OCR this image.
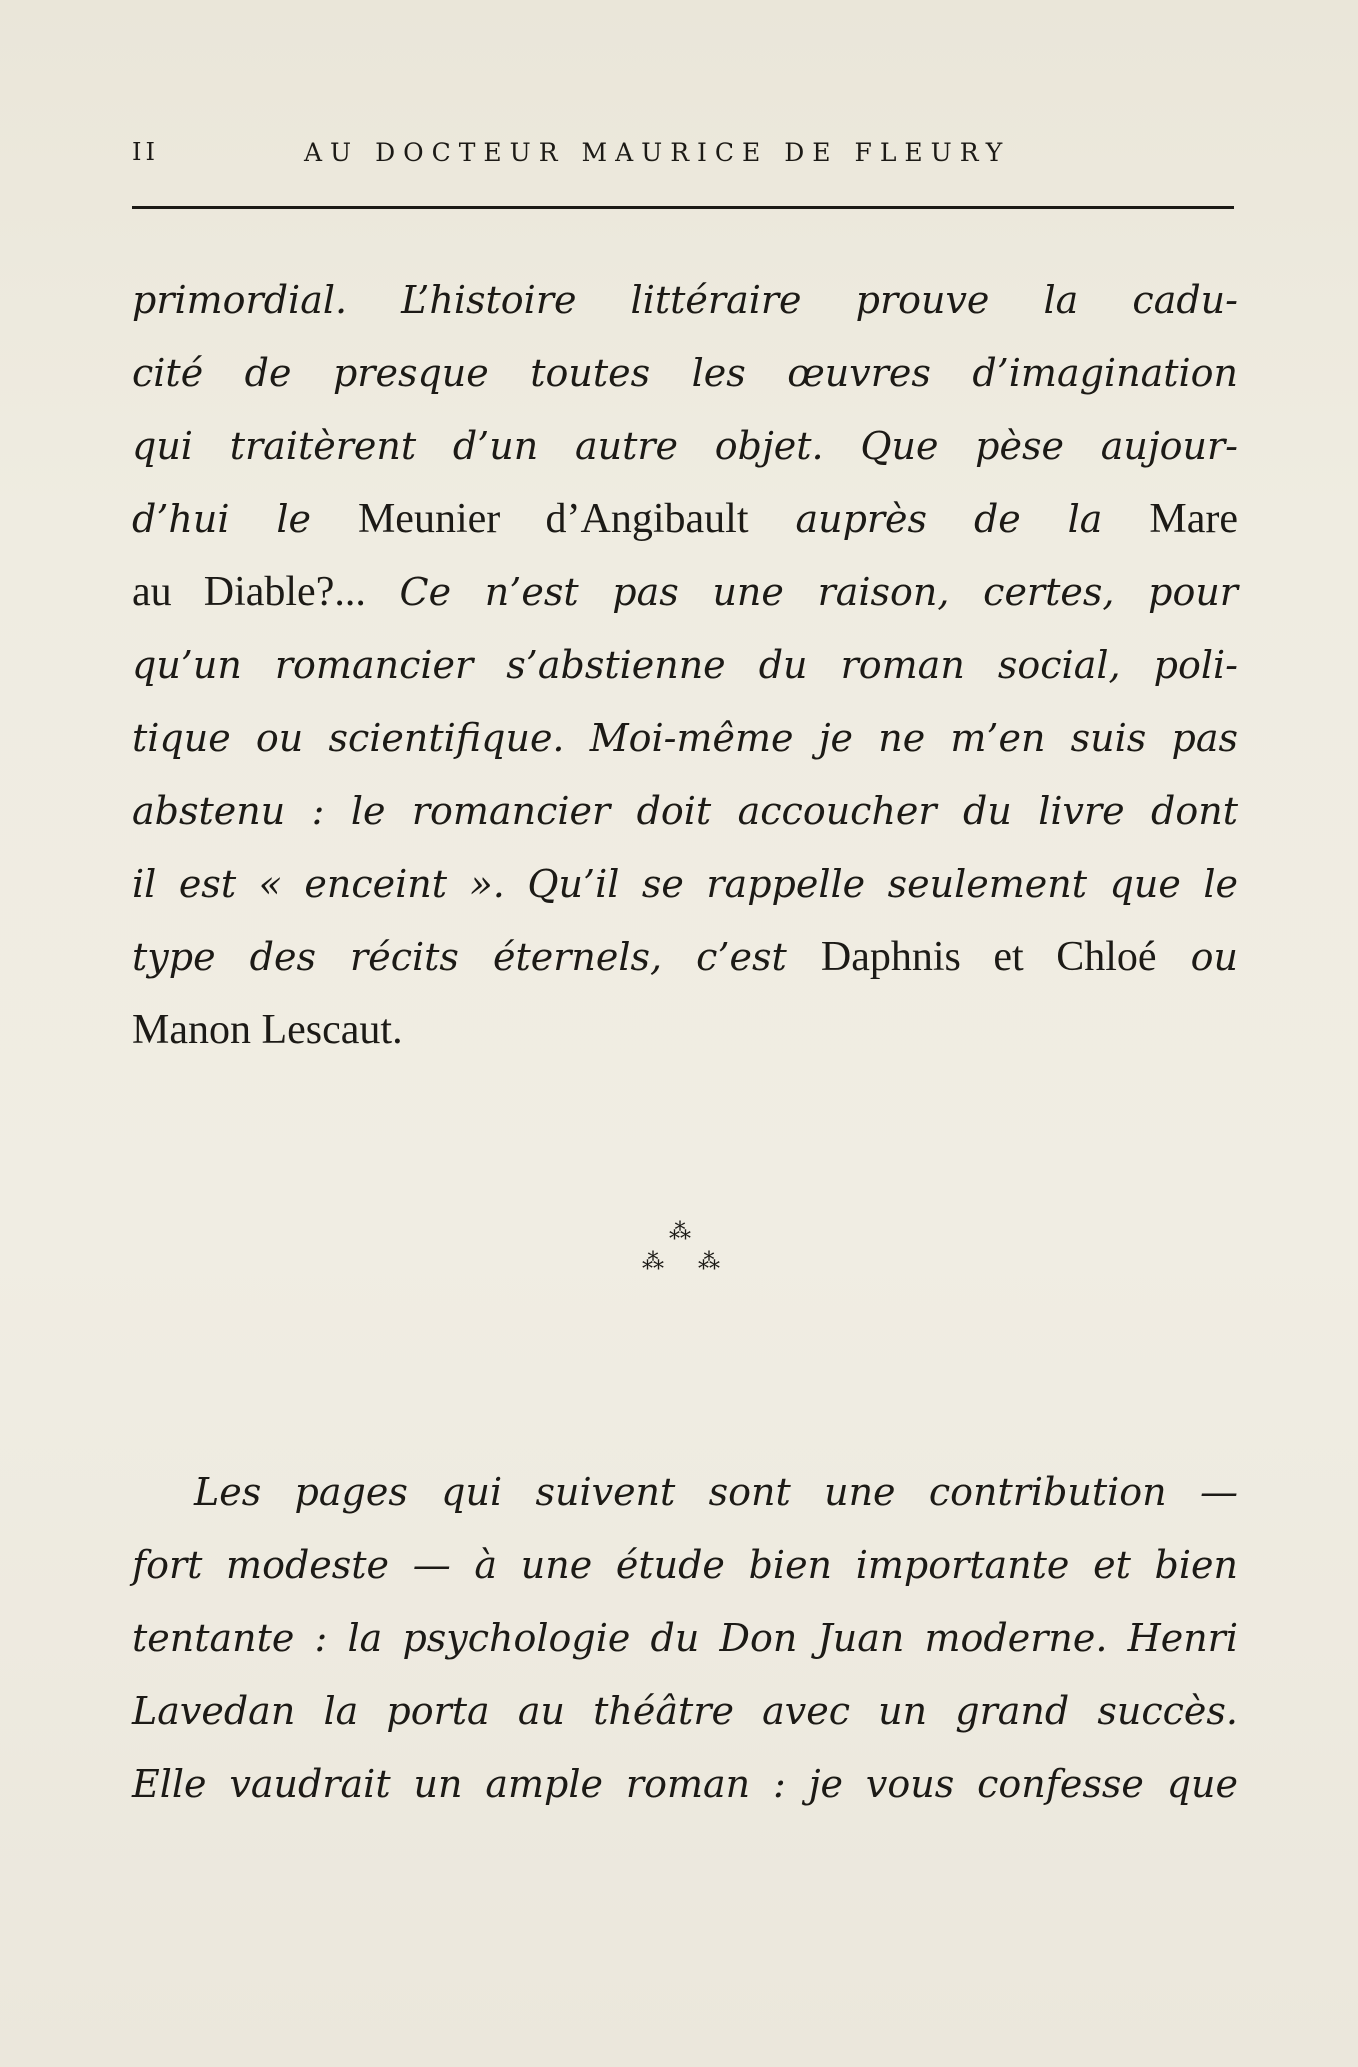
II	AU DOCTEUR MAURICE DE FLEURY
primordial. L’histoire littéraire prouve la cadu-
cité de presque toutes les œuvres d’imagination
qui traitèrent d’un autre objet. Que pèse aujour-
d’hui le Meunier d’Angibault auprès de la Mare
au Diable?... Ce n’est pas une raison, certes, pour
qu’un romancier s’abstienne du roman social, poli-
tique ou scientifique. Moi-même je ne m’en suis pas
abstenu : le romancier doit accoucher du livre dont
il est « enceint ». Qu’il se rappelle seulement que le
type des récits éternels, c’est Daphnis et Chloé ou
Manon Lescaut.
⁂
⁂ ⁂
Les pages qui suivent sont une contribution —
fort modeste — à une étude bien importante et bien
tentante : la psychologie du Don Juan moderne. Henri
Lavedan la porta au théâtre avec un grand succès.
Elle vaudrait un ample roman : je vous confesse que
